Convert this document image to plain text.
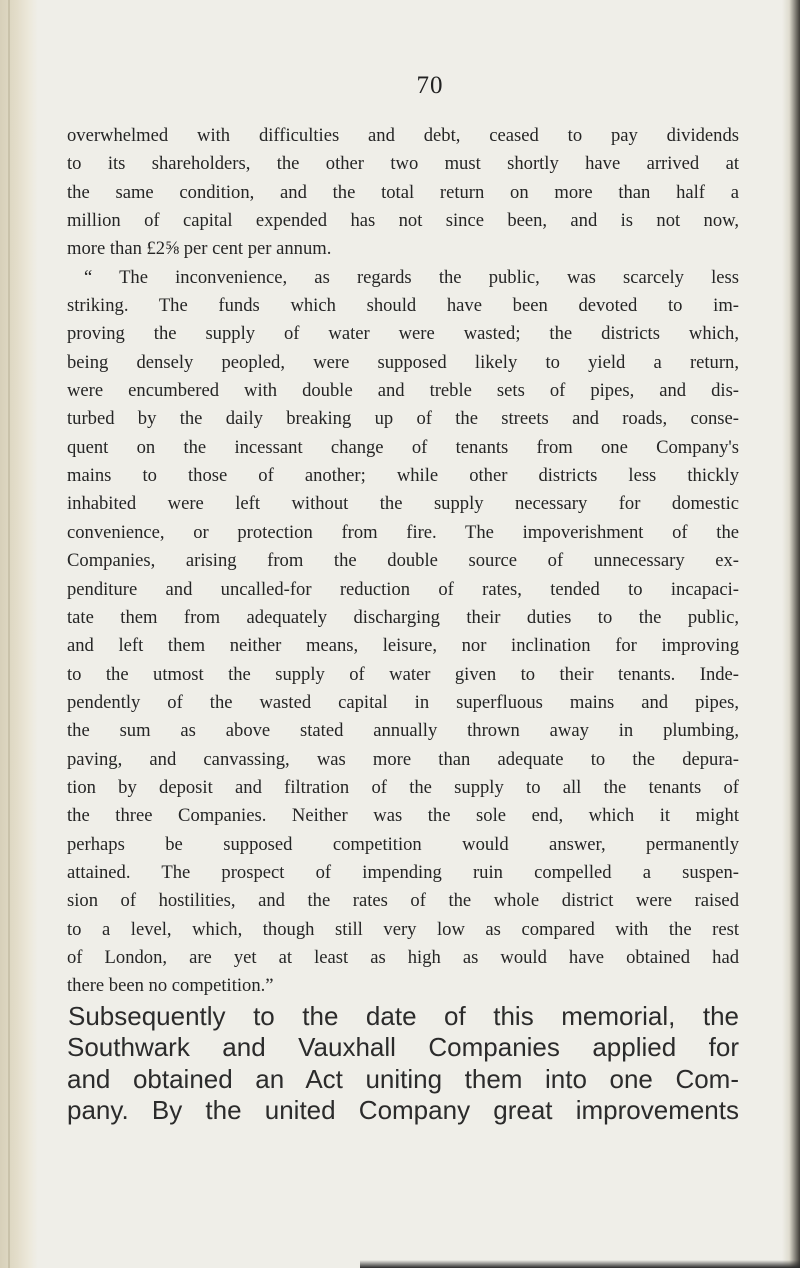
70
overwhelmed with difficulties and debt, ceased to pay dividends
to its shareholders, the other two must shortly have arrived at
the same condition, and the total return on more than half a
million of capital expended has not since been, and is not now,
more than £2⅝ per cent per annum.
“ The inconvenience, as regards the public, was scarcely less
striking. The funds which should have been devoted to im-
proving the supply of water were wasted; the districts which,
being densely peopled, were supposed likely to yield a return,
were encumbered with double and treble sets of pipes, and dis-
turbed by the daily breaking up of the streets and roads, conse-
quent on the incessant change of tenants from one Company's
mains to those of another; while other districts less thickly
inhabited were left without the supply necessary for domestic
convenience, or protection from fire. The impoverishment of the
Companies, arising from the double source of unnecessary ex-
penditure and uncalled-for reduction of rates, tended to incapaci-
tate them from adequately discharging their duties to the public,
and left them neither means, leisure, nor inclination for improving
to the utmost the supply of water given to their tenants. Inde-
pendently of the wasted capital in superfluous mains and pipes,
the sum as above stated annually thrown away in plumbing,
paving, and canvassing, was more than adequate to the depura-
tion by deposit and filtration of the supply to all the tenants of
the three Companies. Neither was the sole end, which it might
perhaps be supposed competition would answer, permanently
attained. The prospect of impending ruin compelled a suspen-
sion of hostilities, and the rates of the whole district were raised
to a level, which, though still very low as compared with the rest
of London, are yet at least as high as would have obtained had
there been no competition.”
Subsequently to the date of this memorial, the
Southwark and Vauxhall Companies applied for
and obtained an Act uniting them into one Com-
pany. By the united Company great improvements
